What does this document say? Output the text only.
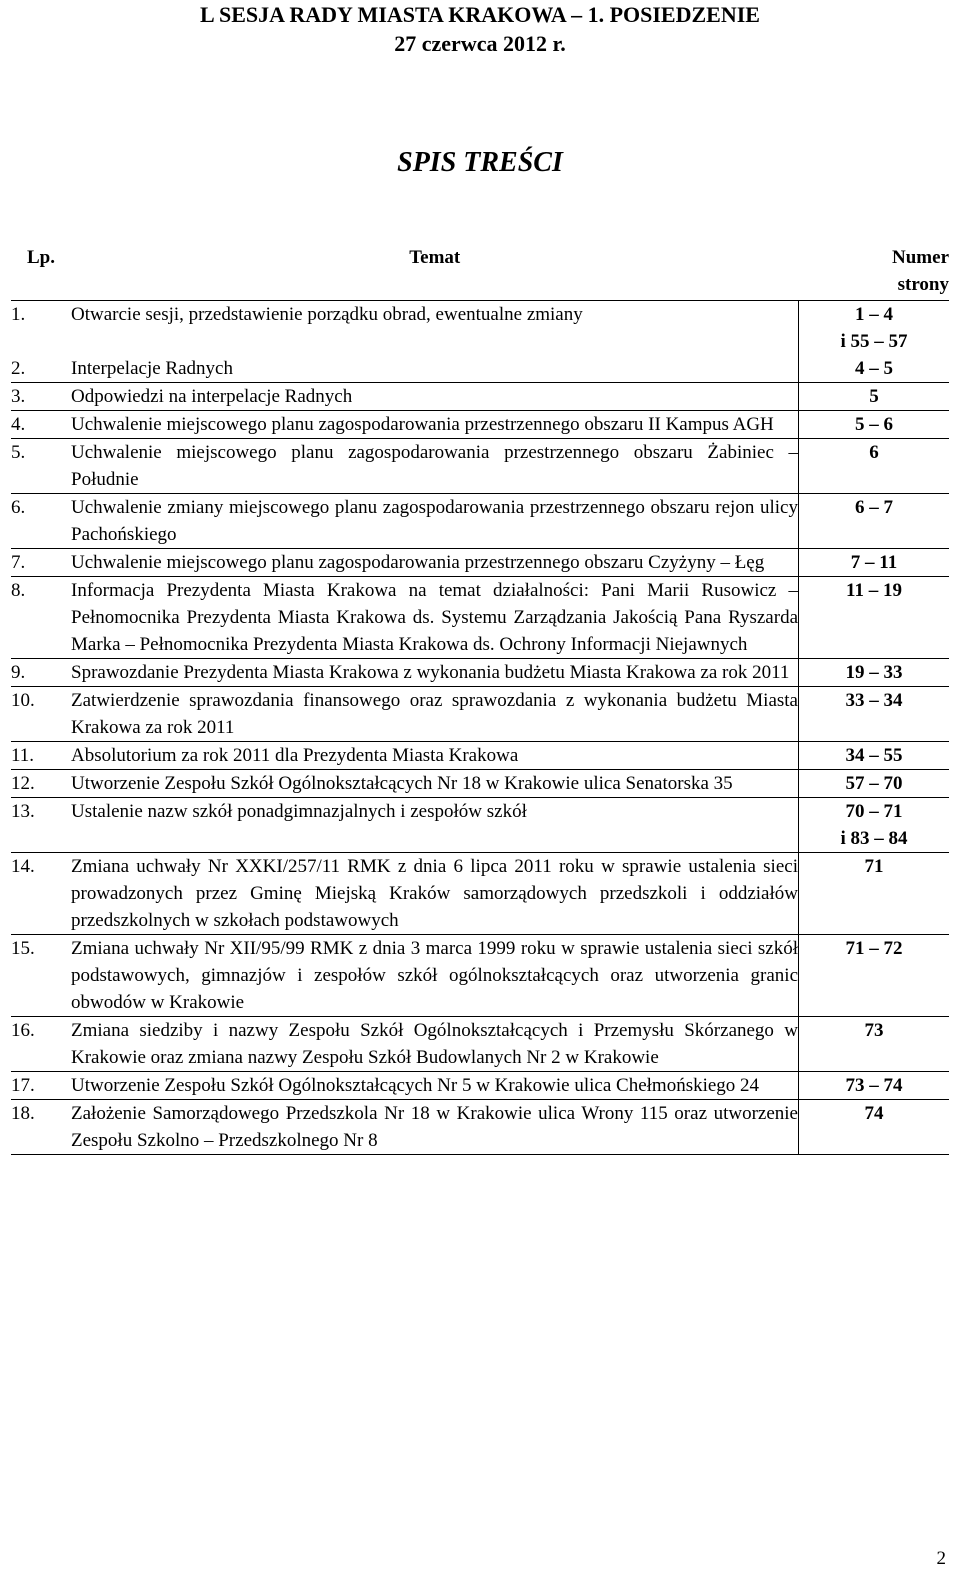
L SESJA RADY MIASTA KRAKOWA – 1. POSIEDZENIE
27 czerwca 2012 r.
SPIS TREŚCI
Lp.	Temat	Numer
strony

1.	Otwarcie sesji, przedstawienie porządku obrad, ewentualne zmiany	1 – 4
i 55 – 57

2.	Interpelacje Radnych	4 – 5

3.	Odpowiedzi na interpelacje Radnych	5

4.	Uchwalenie miejscowego planu zagospodarowania przestrzennego obszaru II Kampus AGH	5 – 6

5.	Uchwalenie miejscowego planu zagospodarowania przestrzennego obszaru Żabiniec – Południe	6

6.	Uchwalenie zmiany miejscowego planu zagospodarowania przestrzennego obszaru rejon ulicy Pachońskiego	6 – 7

7.	Uchwalenie miejscowego planu zagospodarowania przestrzennego obszaru Czyżyny – Łęg	7 – 11

8.	Informacja Prezydenta Miasta Krakowa na temat działalności: Pani Marii Rusowicz – Pełnomocnika Prezydenta Miasta Krakowa ds. Systemu Zarządzania Jakością Pana Ryszarda Marka – Pełnomocnika Prezydenta Miasta Krakowa ds. Ochrony Informacji Niejawnych	11 – 19

9.	Sprawozdanie Prezydenta Miasta Krakowa z wykonania budżetu Miasta Krakowa za rok 2011	19 – 33

10.	Zatwierdzenie sprawozdania finansowego oraz sprawozdania z wykonania budżetu Miasta Krakowa za rok 2011	33 – 34

11.	Absolutorium za rok 2011 dla Prezydenta Miasta Krakowa	34 – 55

12.	Utworzenie Zespołu Szkół Ogólnokształcących Nr 18 w Krakowie ulica Senatorska 35	57 – 70

13.	Ustalenie nazw szkół ponadgimnazjalnych i zespołów szkół	70 – 71
i 83 – 84

14.	Zmiana uchwały Nr XXKI/257/11 RMK z dnia 6 lipca 2011 roku w sprawie ustalenia sieci prowadzonych przez Gminę Miejską Kraków samorządowych przedszkoli i oddziałów przedszkolnych w szkołach podstawowych	71

15.	Zmiana uchwały Nr XII/95/99 RMK z dnia 3 marca 1999 roku w sprawie ustalenia sieci szkół podstawowych, gimnazjów i zespołów szkół ogólnokształcących oraz utworzenia granic obwodów w Krakowie	71 – 72

16.	Zmiana siedziby i nazwy Zespołu Szkół Ogólnokształcących i Przemysłu Skórzanego w Krakowie oraz zmiana nazwy Zespołu Szkół Budowlanych Nr 2 w Krakowie	73

17.	Utworzenie Zespołu Szkół Ogólnokształcących Nr 5 w Krakowie ulica Chełmońskiego 24	73 – 74

18.	Założenie Samorządowego Przedszkola Nr 18 w Krakowie ulica Wrony 115 oraz utworzenie Zespołu Szkolno – Przedszkolnego Nr 8	74
2
